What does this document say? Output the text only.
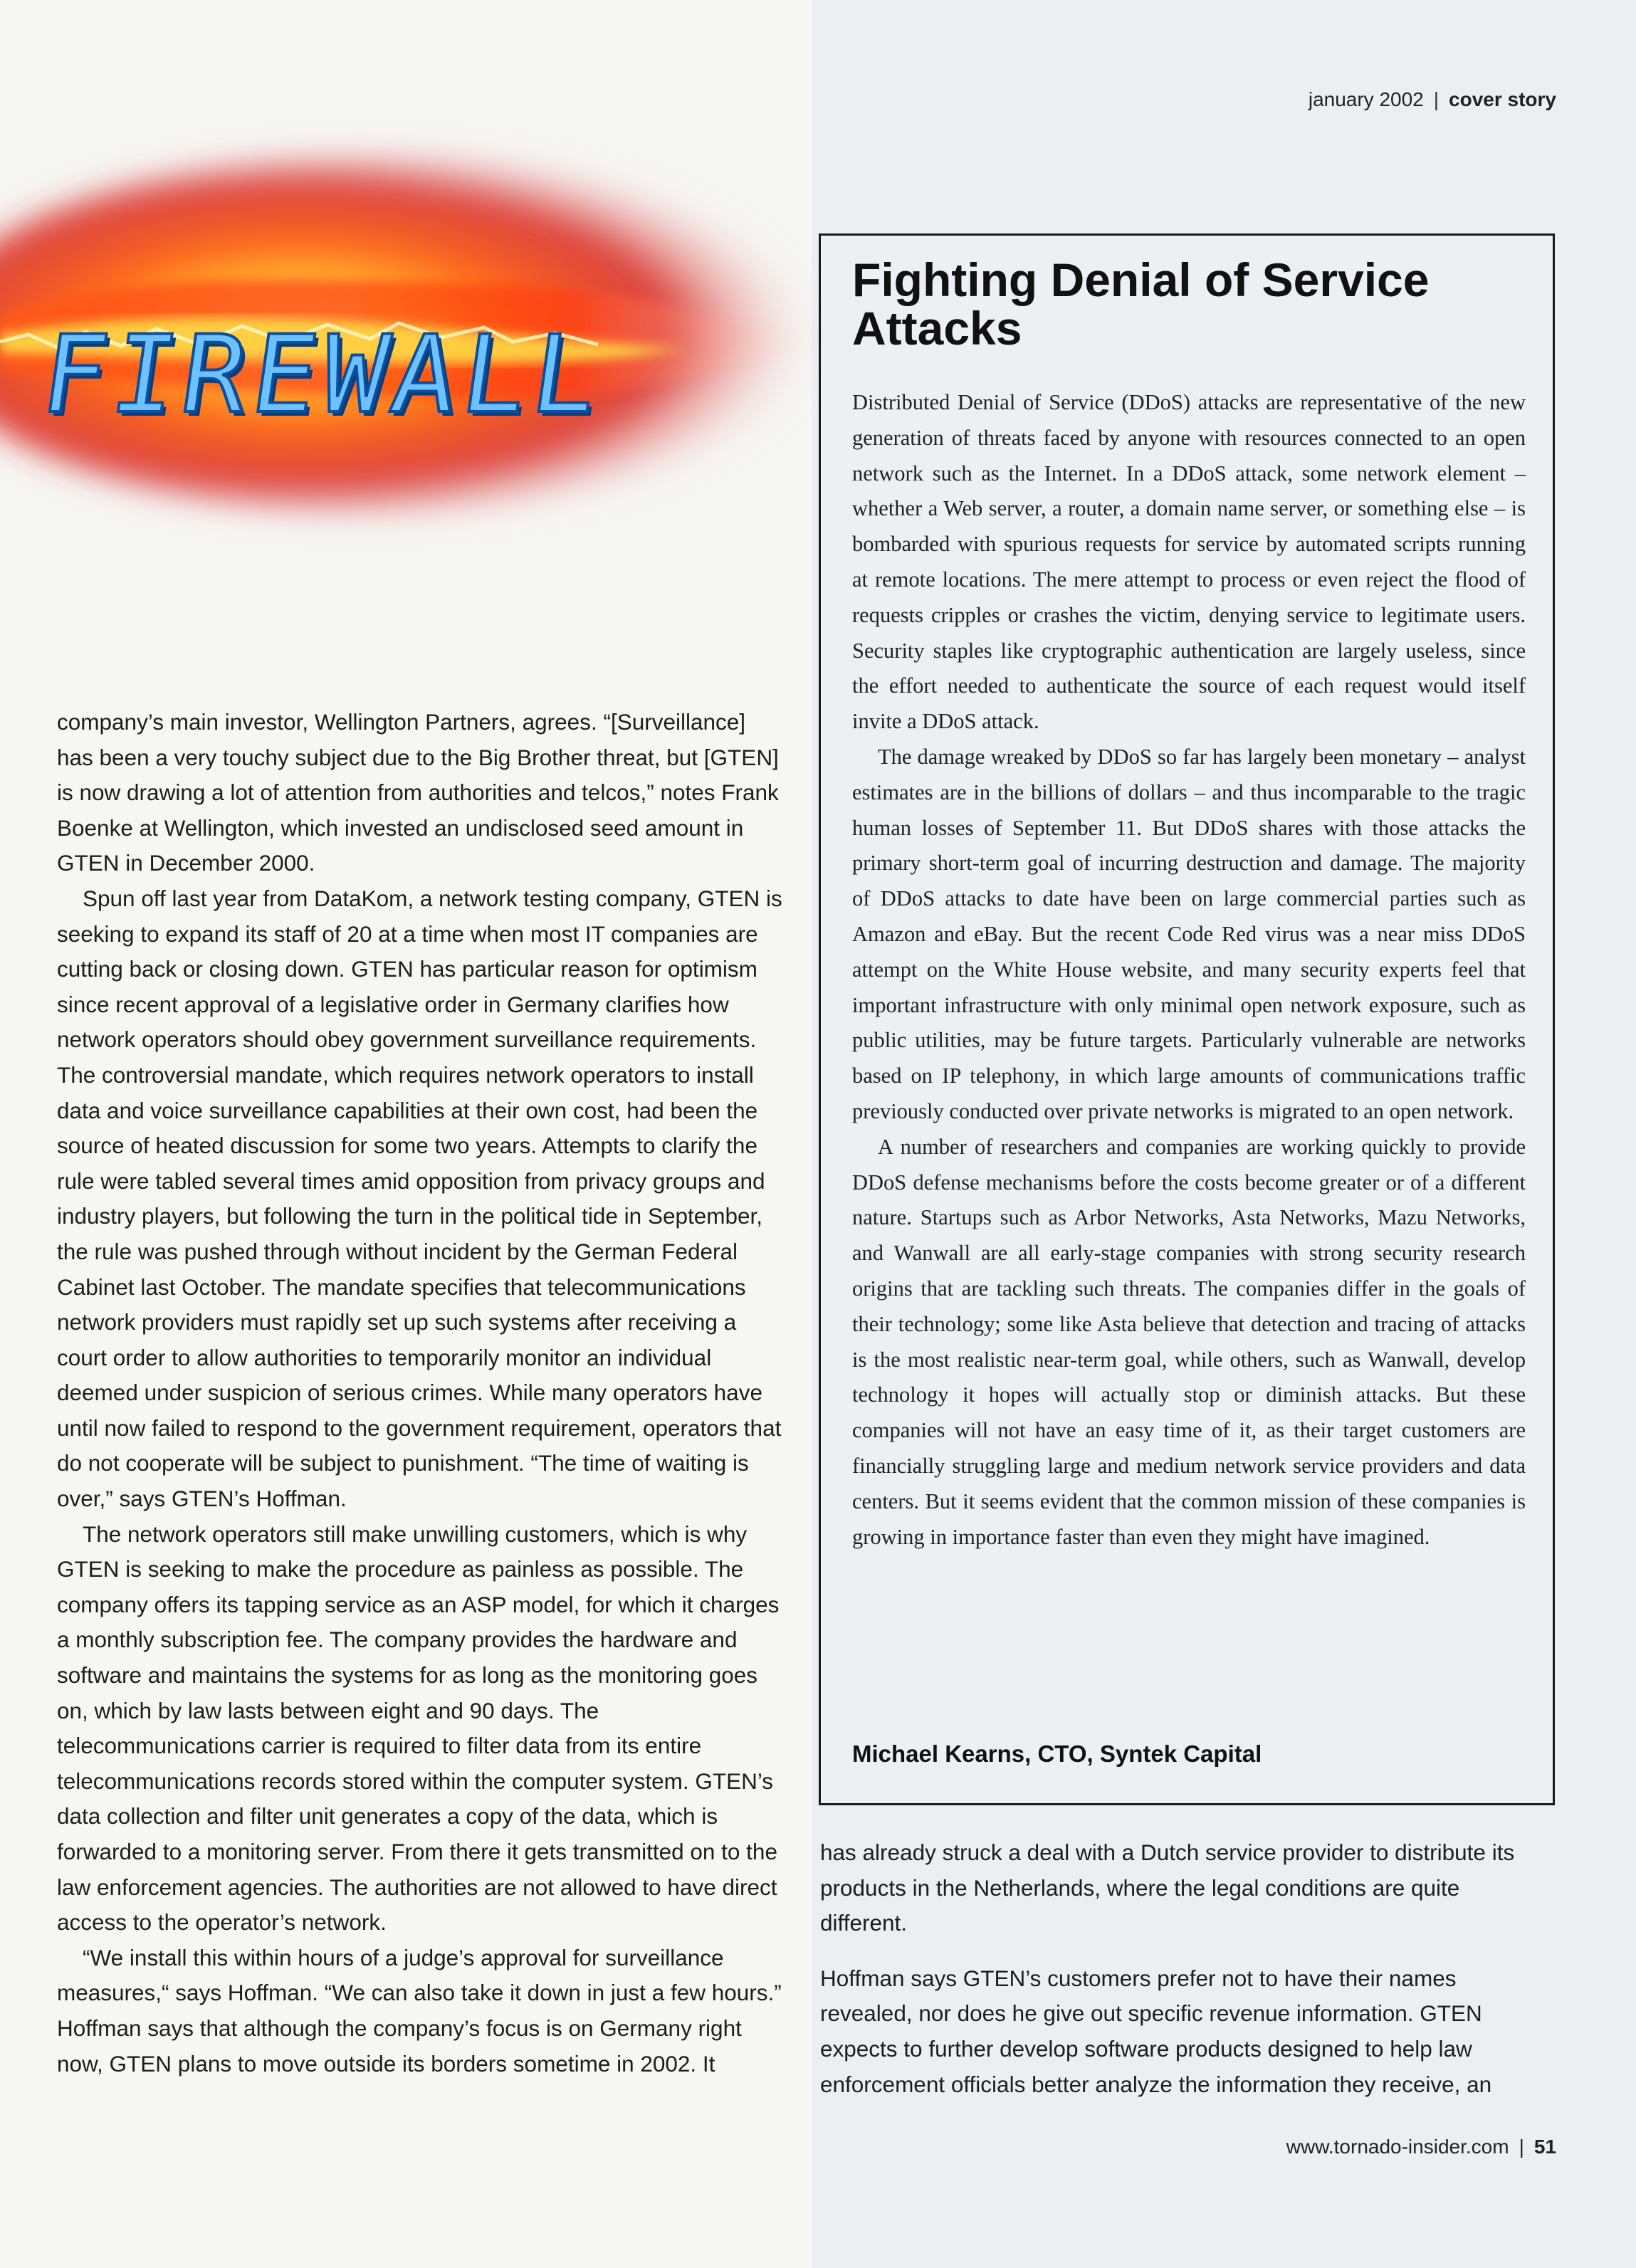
january 2002 | cover story
FIREWALL

company’s main investor, Wellington Partners, agrees. “[Surveillance] has been a very touchy subject due to the Big Brother threat, but [GTEN] is now drawing a lot of attention from authorities and telcos,” notes Frank Boenke at Wellington, which invested an undisclosed seed amount in GTEN in December 2000.

Spun off last year from DataKom, a network testing company, GTEN is seeking to expand its staff of 20 at a time when most IT companies are cutting back or closing down. GTEN has particular reason for optimism since recent approval of a legislative order in Germany clarifies how network operators should obey government surveillance requirements. The controversial mandate, which requires network operators to install data and voice surveillance capabilities at their own cost, had been the source of heated discussion for some two years. Attempts to clarify the rule were tabled several times amid opposition from privacy groups and industry players, but following the turn in the political tide in September, the rule was pushed through without incident by the German Federal Cabinet last October. The mandate specifies that telecommunications network providers must rapidly set up such systems after receiving a court order to allow authorities to temporarily monitor an individual deemed under suspicion of serious crimes. While many operators have until now failed to respond to the government requirement, operators that do not cooperate will be subject to punishment. “The time of waiting is over,” says GTEN’s Hoffman.

The network operators still make unwilling customers, which is why GTEN is seeking to make the procedure as painless as possible. The company offers its tapping service as an ASP model, for which it charges a monthly subscription fee. The company provides the hardware and software and maintains the systems for as long as the monitoring goes on, which by law lasts between eight and 90 days. The telecommunications carrier is required to filter data from its entire telecommunications records stored within the computer system. GTEN’s data collection and filter unit generates a copy of the data, which is forwarded to a monitoring server. From there it gets transmitted on to the law enforcement agencies. The authorities are not allowed to have direct access to the operator’s network.

“We install this within hours of a judge’s approval for surveillance measures,“ says Hoffman. “We can also take it down in just a few hours.” Hoffman says that although the company’s focus is on Germany right now, GTEN plans to move outside its borders sometime in 2002. It

Fighting Denial of Service Attacks

Distributed Denial of Service (DDoS) attacks are representative of the new generation of threats faced by anyone with resources connected to an open network such as the Internet. In a DDoS attack, some network element – whether a Web server, a router, a domain name server, or something else – is bombarded with spurious requests for service by automated scripts running at remote locations. The mere attempt to process or even reject the flood of requests cripples or crashes the victim, denying service to legitimate users. Security staples like cryptographic authentication are largely useless, since the effort needed to authenticate the source of each request would itself invite a DDoS attack.

The damage wreaked by DDoS so far has largely been monetary – analyst estimates are in the billions of dollars – and thus incomparable to the tragic human losses of September 11. But DDoS shares with those attacks the primary short-term goal of incurring destruction and damage. The majority of DDoS attacks to date have been on large commercial parties such as Amazon and eBay. But the recent Code Red virus was a near miss DDoS attempt on the White House website, and many security experts feel that important infrastructure with only minimal open network exposure, such as public utilities, may be future targets. Particularly vulnerable are networks based on IP telephony, in which large amounts of communications traffic previously conducted over private networks is migrated to an open network.

A number of researchers and companies are working quickly to provide DDoS defense mechanisms before the costs become greater or of a different nature. Startups such as Arbor Networks, Asta Networks, Mazu Networks, and Wanwall are all early-stage companies with strong security research origins that are tackling such threats. The companies differ in the goals of their technology; some like Asta believe that detection and tracing of attacks is the most realistic near-term goal, while others, such as Wanwall, develop technology it hopes will actually stop or diminish attacks. But these companies will not have an easy time of it, as their target customers are financially struggling large and medium network service providers and data centers. But it seems evident that the common mission of these companies is growing in importance faster than even they might have imagined.

Michael Kearns, CTO, Syntek Capital

has already struck a deal with a Dutch service provider to distribute its products in the Netherlands, where the legal conditions are quite different.

Hoffman says GTEN’s customers prefer not to have their names revealed, nor does he give out specific revenue information. GTEN expects to further develop software products designed to help law enforcement officials better analyze the information they receive, an

www.tornado-insider.com | 51
